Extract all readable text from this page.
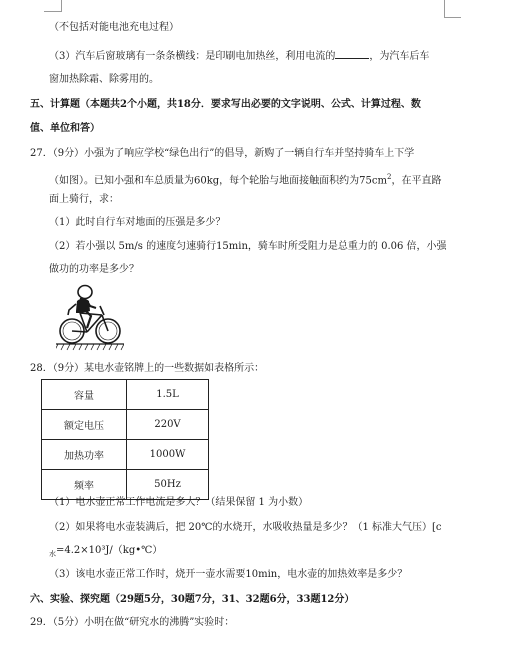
（不包括对能电池充电过程）
（3）汽车后窗玻璃有一条条横线：是印刷电加热丝，利用电流的	，为汽车后车
窗加热除霜、除雾用的。
五、计算题（本题共2个小题，共18分．要求写出必要的文字说明、公式、计算过程、数
值、单位和答）
27．（9分）小强为了响应学校“绿色出行”的倡导，新购了一辆自行车并坚持骑车上下学
（如图）。已知小强和车总质量为60kg，每个轮胎与地面接触面积约为$75cm^2$，在平直路
面上骑行，求：
（1）此时自行车对地面的压强是多少？
（2）若小强以 5m/s 的速度匀速骑行15min，骑车时所受阻力是总重力的 0.06 倍，小强
做功的功率是多少？
28．（9分）某电水壶铭牌上的一些数据如表格所示：
容量	1.5L
额定电压	220V
加热功率	1000W
频率	50Hz
（1）电水壶正常工作电流是多大？（结果保留 1 为小数）
（2）如果将电水壶装满后，把 20℃的水烧开，水吸收热量是多少？（1 标准大气压）[c
$_水$=4.2×10³J/（kg•℃）
（3）该电水壶正常工作时，烧开一壶水需要10min，电水壶的加热效率是多少？
六、实验、探究题（29题5分，30题7分，31、32题6分，33题12分）
29．（5分）小明在做“研究水的沸腾”实验时：
